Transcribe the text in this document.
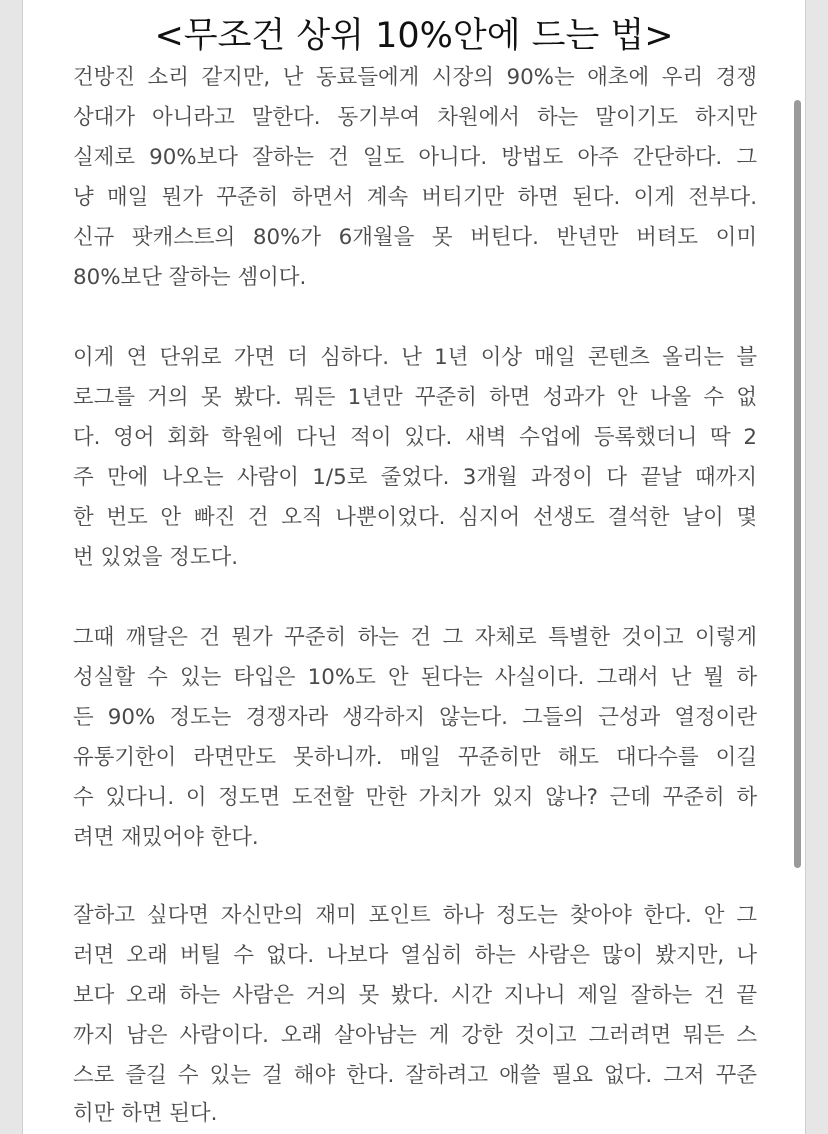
<무조건 상위 10%안에 드는 법>
건방진 소리 같지만, 난 동료들에게 시장의 90%는 애초에 우리 경쟁
상대가 아니라고 말한다. 동기부여 차원에서 하는 말이기도 하지만
실제로 90%보다 잘하는 건 일도 아니다. 방법도 아주 간단하다. 그
냥 매일 뭔가 꾸준히 하면서 계속 버티기만 하면 된다. 이게 전부다.
신규 팟캐스트의 80%가 6개월을 못 버틴다. 반년만 버텨도 이미
80%보단 잘하는 셈이다.
이게 연 단위로 가면 더 심하다. 난 1년 이상 매일 콘텐츠 올리는 블
로그를 거의 못 봤다. 뭐든 1년만 꾸준히 하면 성과가 안 나올 수 없
다. 영어 회화 학원에 다닌 적이 있다. 새벽 수업에 등록했더니 딱 2
주 만에 나오는 사람이 1/5로 줄었다. 3개월 과정이 다 끝날 때까지
한 번도 안 빠진 건 오직 나뿐이었다. 심지어 선생도 결석한 날이 몇
번 있었을 정도다.
그때 깨달은 건 뭔가 꾸준히 하는 건 그 자체로 특별한 것이고 이렇게
성실할 수 있는 타입은 10%도 안 된다는 사실이다. 그래서 난 뭘 하
든 90% 정도는 경쟁자라 생각하지 않는다. 그들의 근성과 열정이란
유통기한이 라면만도 못하니까. 매일 꾸준히만 해도 대다수를 이길
수 있다니. 이 정도면 도전할 만한 가치가 있지 않나? 근데 꾸준히 하
려면 재밌어야 한다.
잘하고 싶다면 자신만의 재미 포인트 하나 정도는 찾아야 한다. 안 그
러면 오래 버틸 수 없다. 나보다 열심히 하는 사람은 많이 봤지만, 나
보다 오래 하는 사람은 거의 못 봤다. 시간 지나니 제일 잘하는 건 끝
까지 남은 사람이다. 오래 살아남는 게 강한 것이고 그러려면 뭐든 스
스로 즐길 수 있는 걸 해야 한다. 잘하려고 애쓸 필요 없다. 그저 꾸준
히만 하면 된다.
